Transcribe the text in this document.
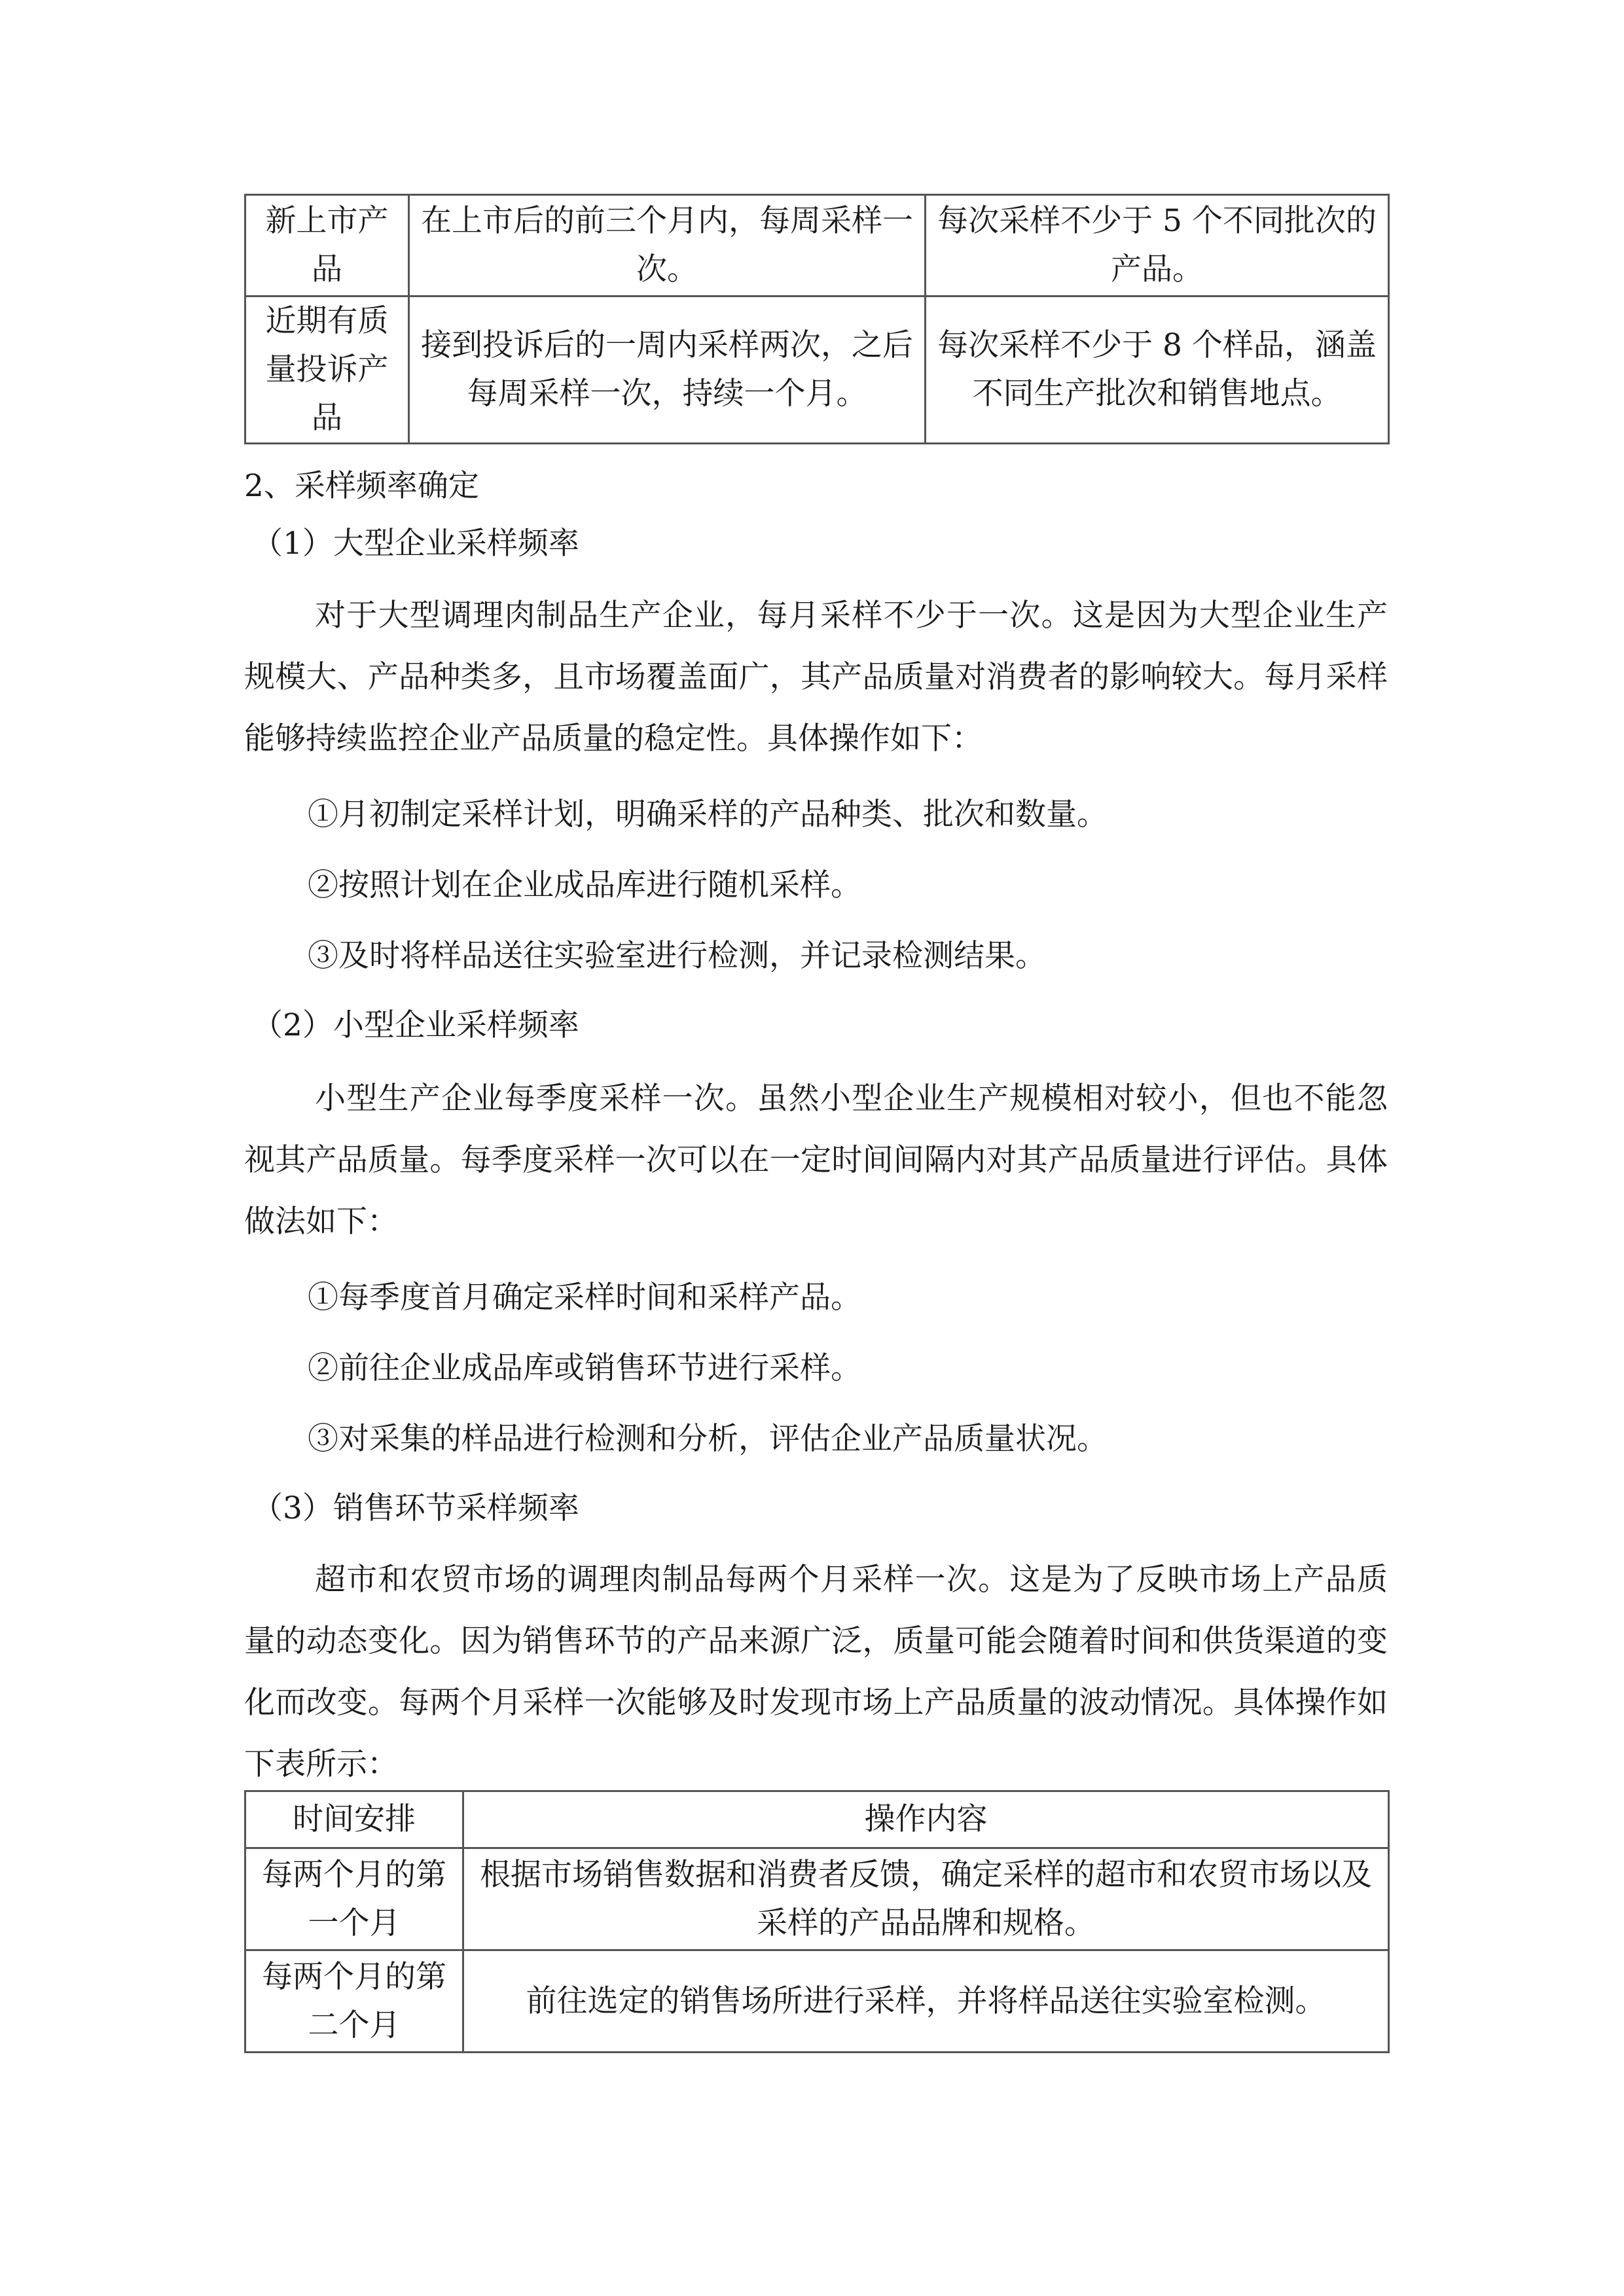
新上市产品	在上市后的前三个月内，每周采样一次。	每次采样不少于 5 个不同批次的产品。
近期有质量投诉产品	接到投诉后的一周内采样两次，之后每周采样一次，持续一个月。	每次采样不少于 8 个样品，涵盖不同生产批次和销售地点。
2、采样频率确定
（1）大型企业采样频率
对于大型调理肉制品生产企业，每月采样不少于一次。这是因为大型企业生产规模大、产品种类多，且市场覆盖面广，其产品质量对消费者的影响较大。每月采样能够持续监控企业产品质量的稳定性。具体操作如下：
①月初制定采样计划，明确采样的产品种类、批次和数量。
②按照计划在企业成品库进行随机采样。
③及时将样品送往实验室进行检测，并记录检测结果。
（2）小型企业采样频率
小型生产企业每季度采样一次。虽然小型企业生产规模相对较小，但也不能忽视其产品质量。每季度采样一次可以在一定时间间隔内对其产品质量进行评估。具体做法如下：
①每季度首月确定采样时间和采样产品。
②前往企业成品库或销售环节进行采样。
③对采集的样品进行检测和分析，评估企业产品质量状况。
（3）销售环节采样频率
超市和农贸市场的调理肉制品每两个月采样一次。这是为了反映市场上产品质量的动态变化。因为销售环节的产品来源广泛，质量可能会随着时间和供货渠道的变化而改变。每两个月采样一次能够及时发现市场上产品质量的波动情况。具体操作如下表所示：
时间安排	操作内容
每两个月的第一个月	根据市场销售数据和消费者反馈，确定采样的超市和农贸市场以及采样的产品品牌和规格。
每两个月的第二个月	前往选定的销售场所进行采样，并将样品送往实验室检测。
